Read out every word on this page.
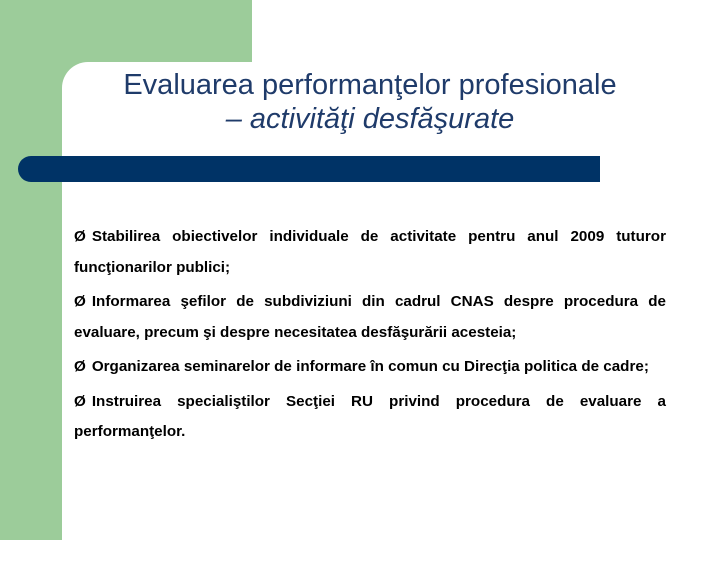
Evaluarea performanţelor profesionale
– activităţi desfăşurate
Ø Stabilirea obiectivelor individuale de activitate pentru anul 2009 tuturor funcţionarilor publici;
Ø Informarea şefilor de subdiviziuni din cadrul CNAS despre procedura de evaluare, precum şi despre necesitatea desfăşurării acesteia;
Ø Organizarea seminarelor de informare în comun cu Direcţia politica de cadre;
Ø Instruirea specialiştilor Secţiei RU privind procedura de evaluare a performanţelor.
